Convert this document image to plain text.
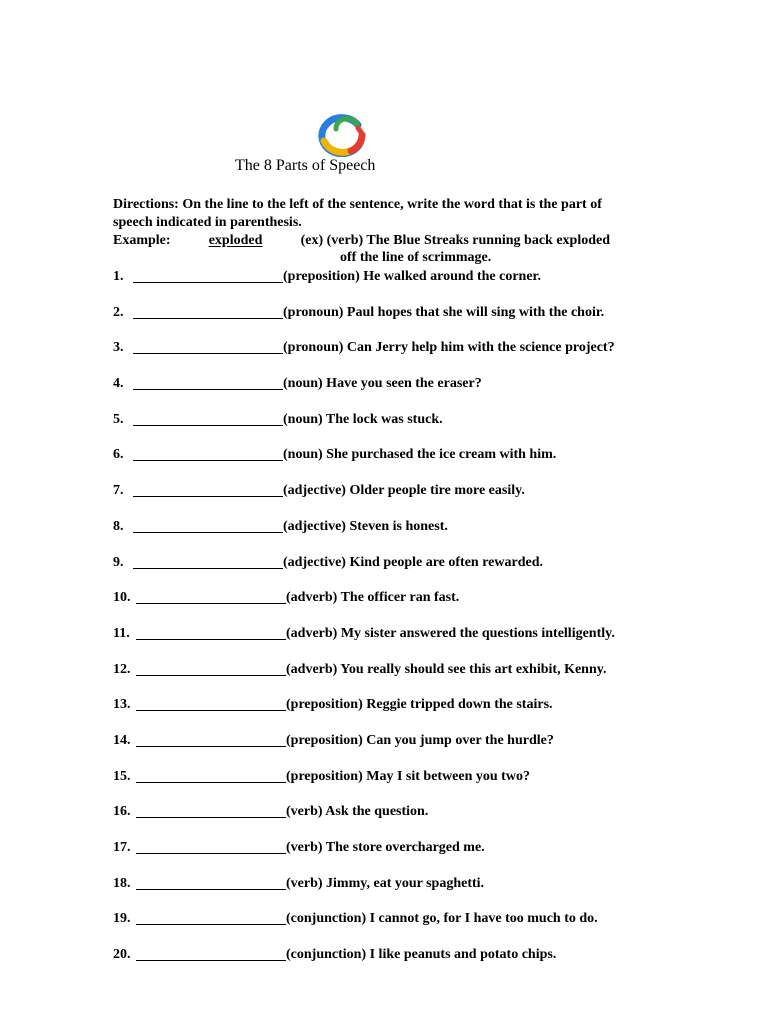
The 8 Parts of Speech
Directions: On the line to the left of the sentence, write the word that is the part of
speech indicated in parenthesis.
Example:	exploded	(ex) (verb) The Blue Streaks running back exploded
off the line of scrimmage.
1.	(preposition) He walked around the corner.
2.	(pronoun) Paul hopes that she will sing with the choir.
3.	(pronoun) Can Jerry help him with the science project?
4.	(noun) Have you seen the eraser?
5.	(noun) The lock was stuck.
6.	(noun) She purchased the ice cream with him.
7.	(adjective) Older people tire more easily.
8.	(adjective) Steven is honest.
9.	(adjective) Kind people are often rewarded.
10.	(adverb) The officer ran fast.
11.	(adverb) My sister answered the questions intelligently.
12.	(adverb) You really should see this art exhibit, Kenny.
13.	(preposition) Reggie tripped down the stairs.
14.	(preposition) Can you jump over the hurdle?
15.	(preposition) May I sit between you two?
16.	(verb) Ask the question.
17.	(verb) The store overcharged me.
18.	(verb) Jimmy, eat your spaghetti.
19.	(conjunction) I cannot go, for I have too much to do.
20.	(conjunction) I like peanuts and potato chips.
